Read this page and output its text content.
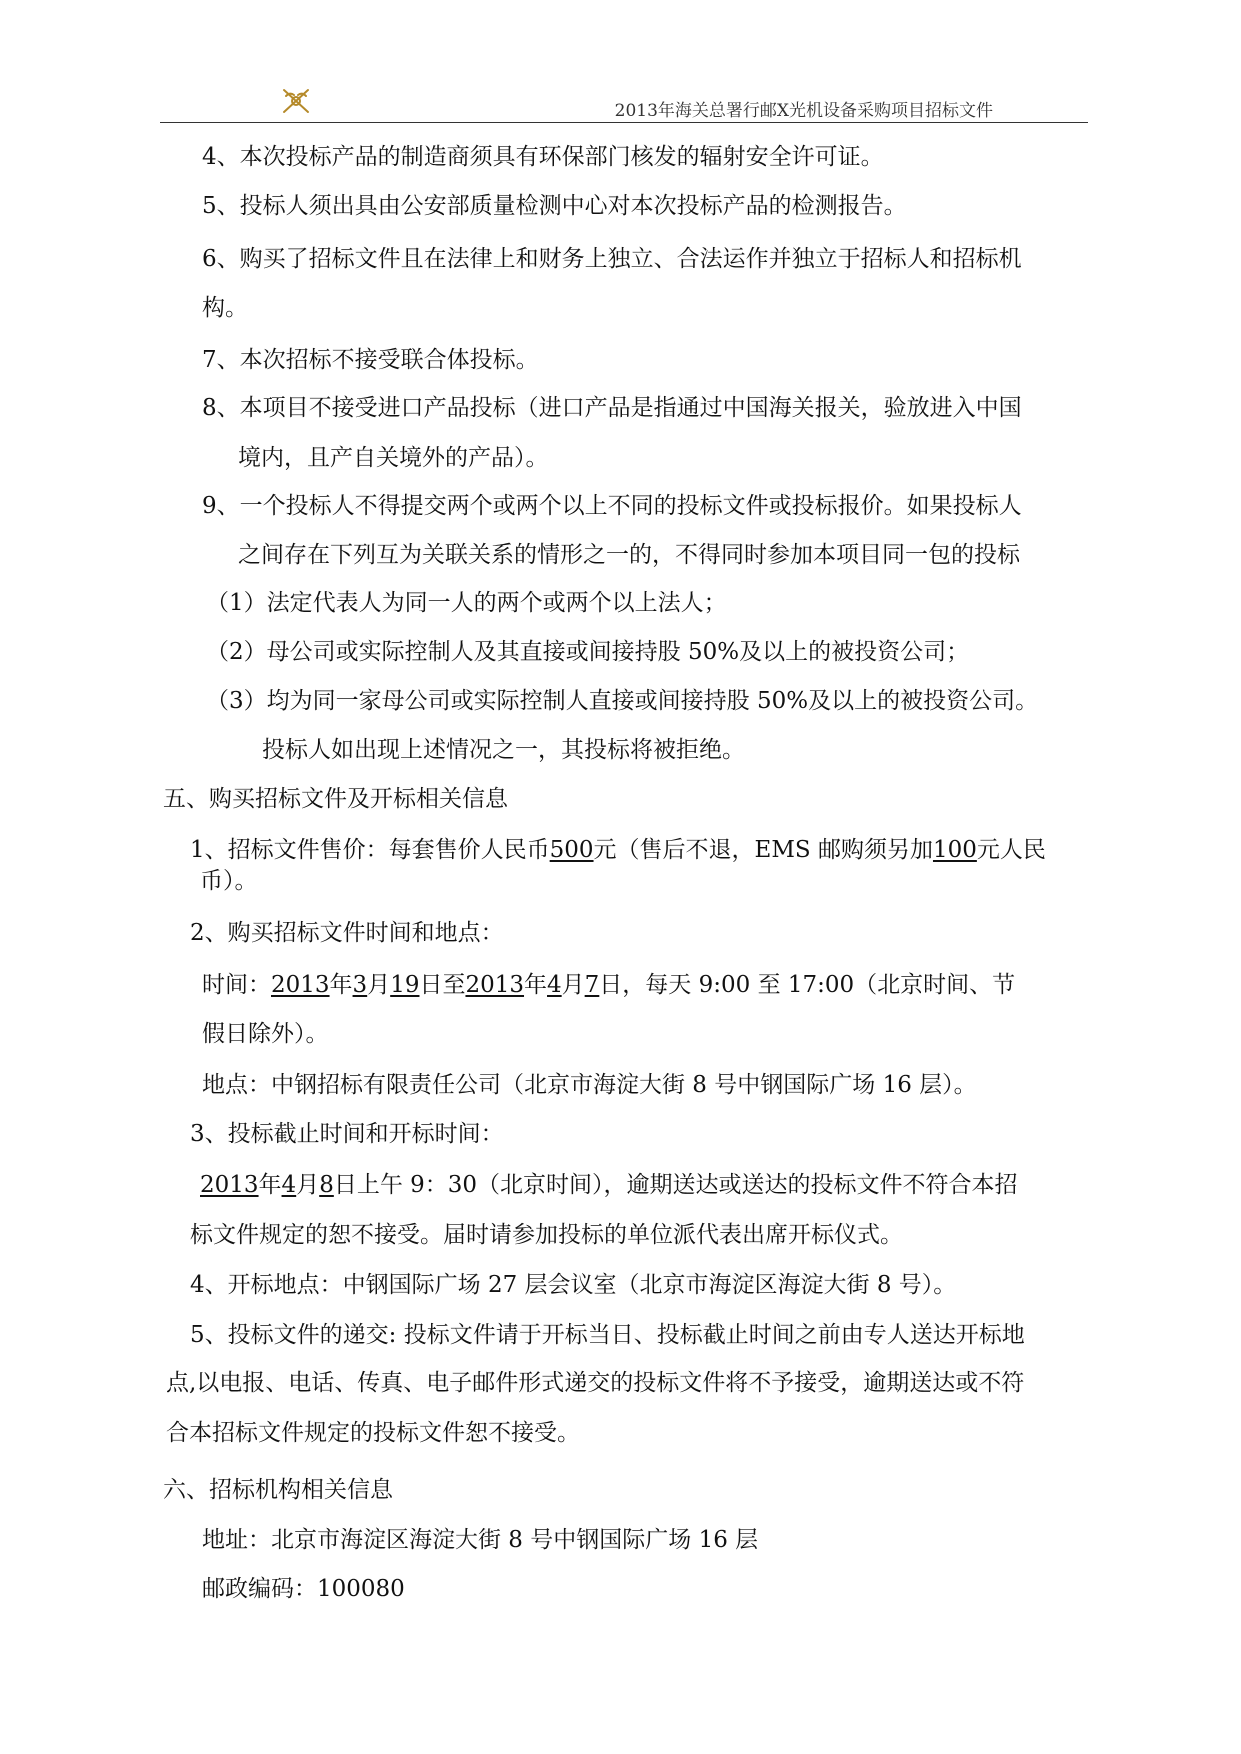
2013年海关总署行邮X光机设备采购项目招标文件
4、本次投标产品的制造商须具有环保部门核发的辐射安全许可证。
5、投标人须出具由公安部质量检测中心对本次投标产品的检测报告。
6、购买了招标文件且在法律上和财务上独立、合法运作并独立于招标人和招标机
构。
7、本次招标不接受联合体投标。
8、本项目不接受进口产品投标（进口产品是指通过中国海关报关，验放进入中国
境内，且产自关境外的产品）。
9、一个投标人不得提交两个或两个以上不同的投标文件或投标报价。如果投标人
之间存在下列互为关联关系的情形之一的，不得同时参加本项目同一包的投标
（1）法定代表人为同一人的两个或两个以上法人；
（2）母公司或实际控制人及其直接或间接持股 50%及以上的被投资公司；
（3）均为同一家母公司或实际控制人直接或间接持股 50%及以上的被投资公司。
投标人如出现上述情况之一，其投标将被拒绝。
五、购买招标文件及开标相关信息
1、招标文件售价：每套售价人民币500元（售后不退，EMS 邮购须另加100元人民
币）。
2、购买招标文件时间和地点：
时间：2013年3月19日至2013年4月7日，每天 9:00 至 17:00（北京时间、节
假日除外）。
地点：中钢招标有限责任公司（北京市海淀大街 8 号中钢国际广场 16 层）。
3、投标截止时间和开标时间：
2013年4月8日上午 9：30（北京时间），逾期送达或送达的投标文件不符合本招
标文件规定的恕不接受。届时请参加投标的单位派代表出席开标仪式。
4、开标地点：中钢国际广场 27 层会议室（北京市海淀区海淀大街 8 号）。
5、投标文件的递交: 投标文件请于开标当日、投标截止时间之前由专人送达开标地
点,以电报、电话、传真、电子邮件形式递交的投标文件将不予接受，逾期送达或不符
合本招标文件规定的投标文件恕不接受。
六、招标机构相关信息
地址：北京市海淀区海淀大街 8 号中钢国际广场 16 层
邮政编码：100080
